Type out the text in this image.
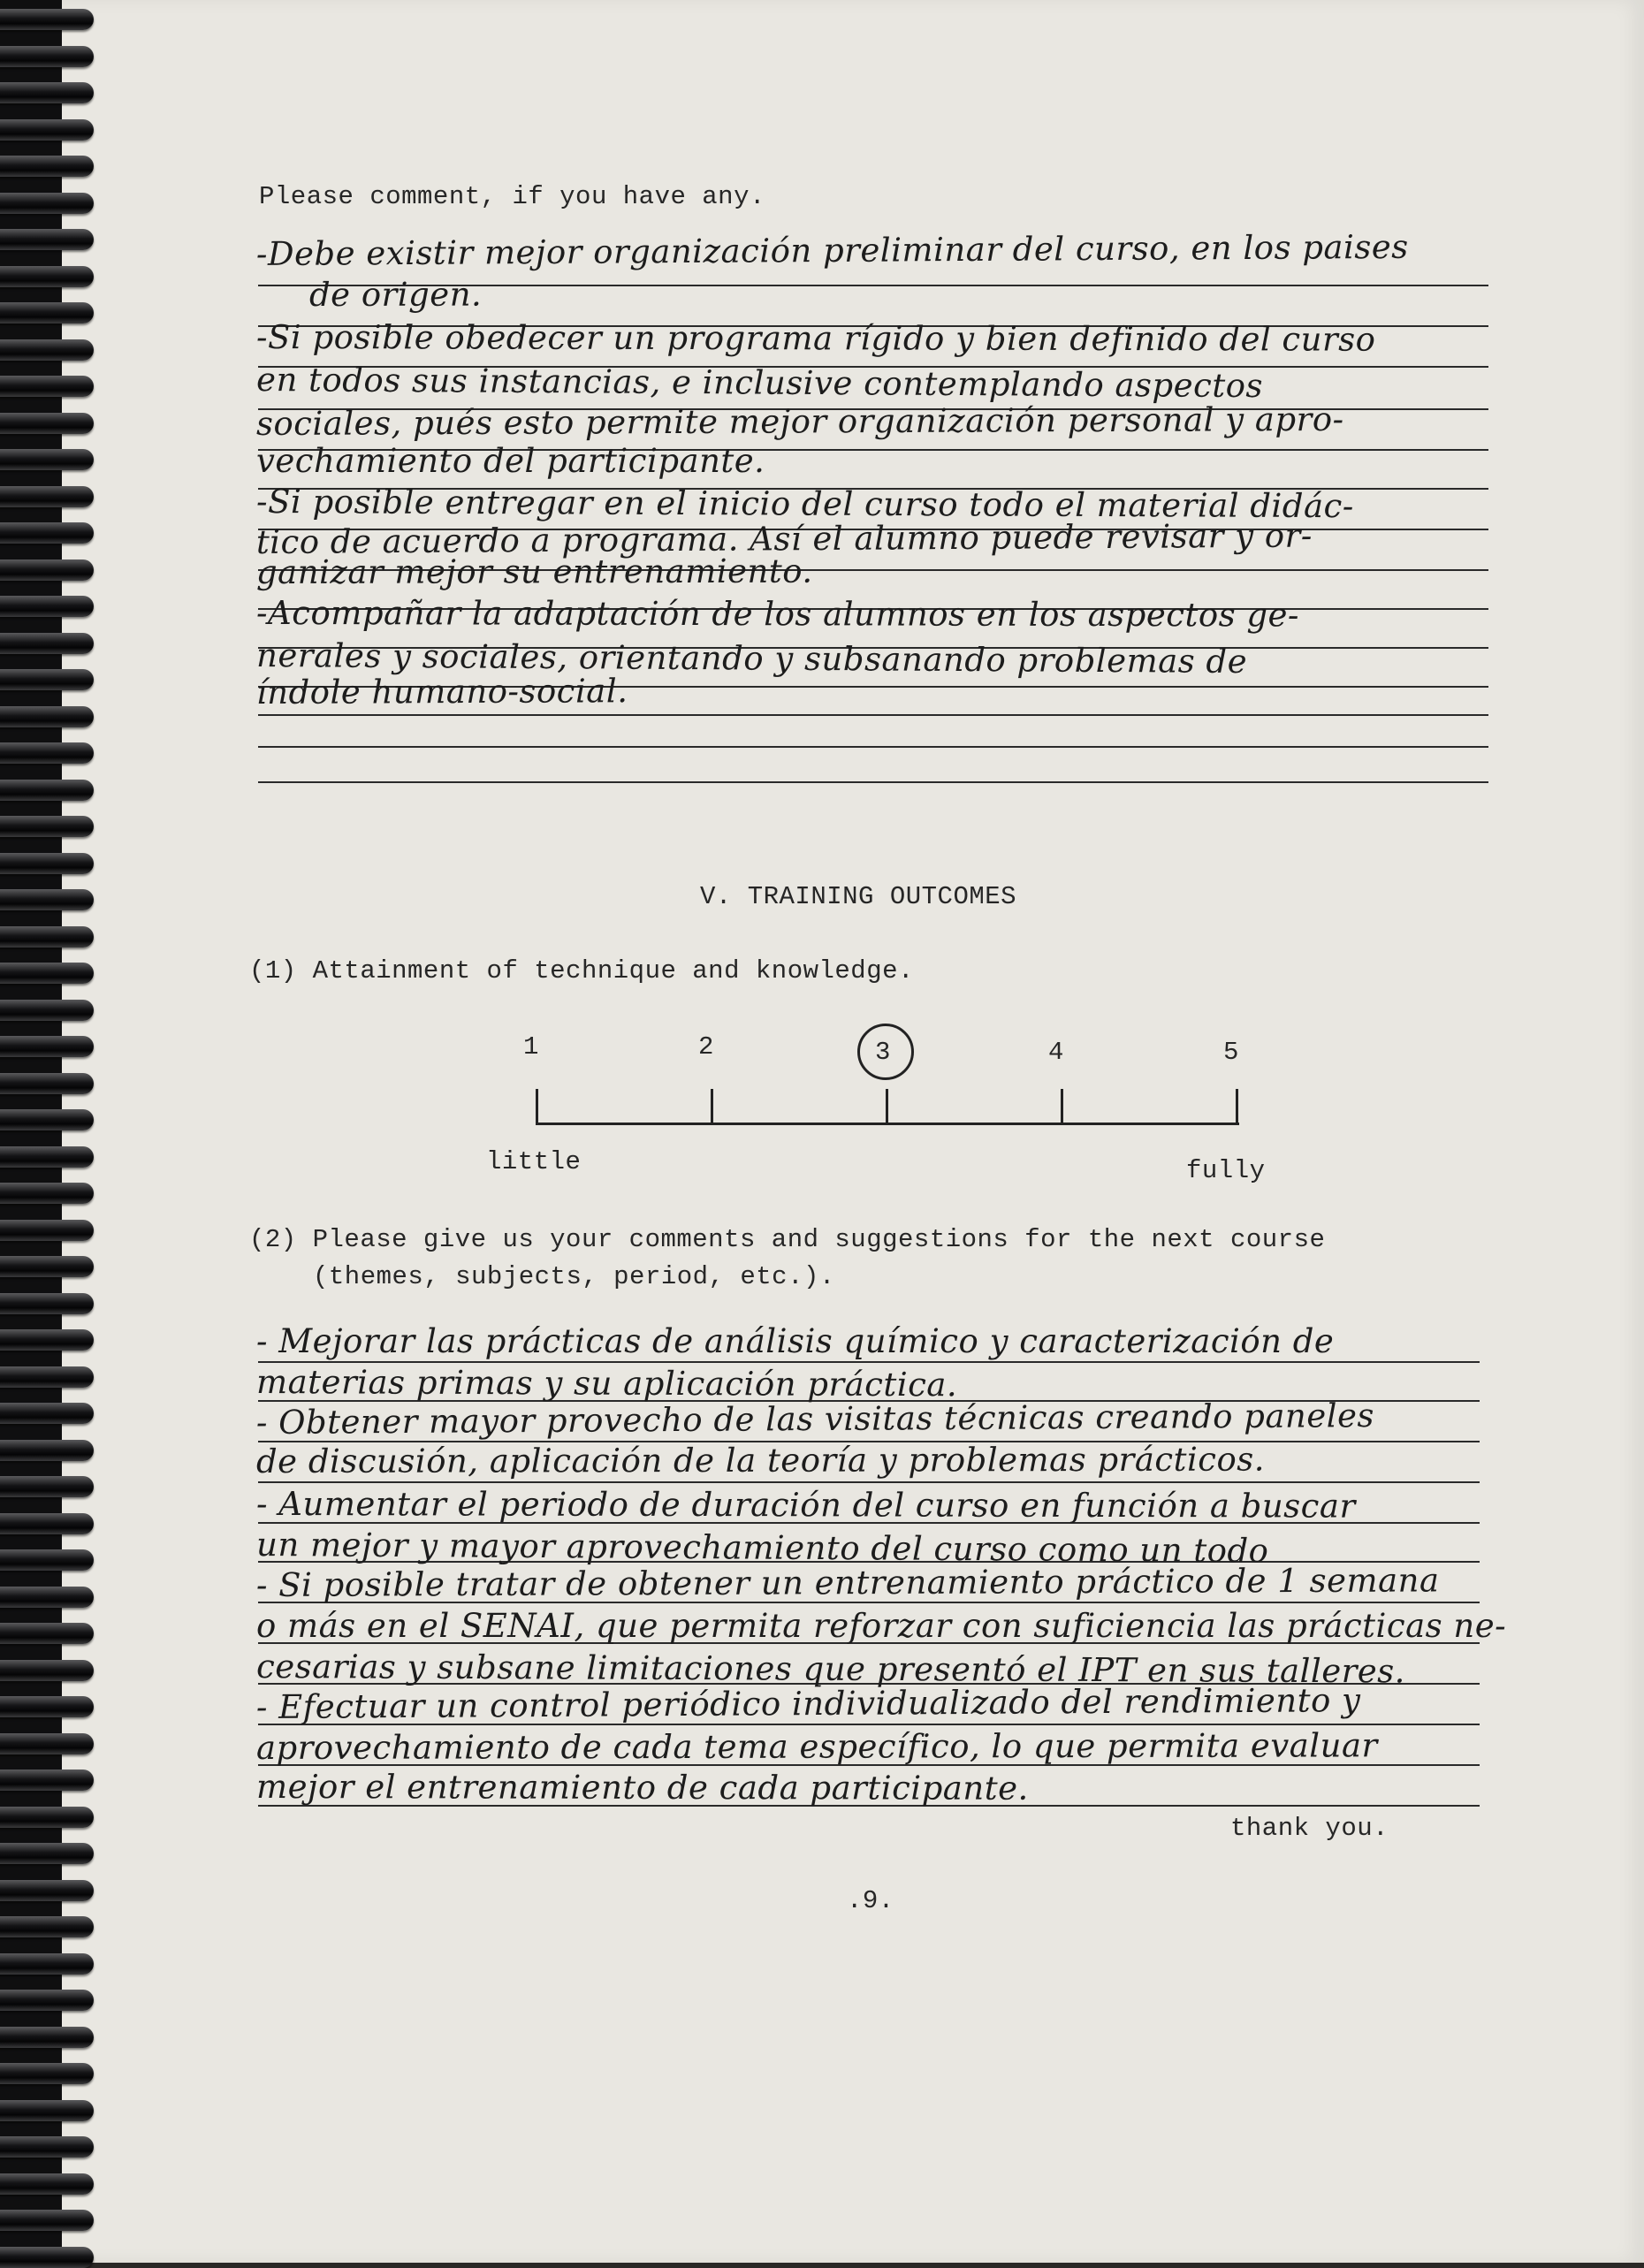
Please comment, if you have any.
-Debe existir mejor organización preliminar del curso, en los paises
de origen.
-Si posible obedecer un programa rígido y bien definido del curso
en todos sus instancias, e inclusive contemplando aspectos
sociales, pués esto permite mejor organización personal y apro-
vechamiento del participante.
-Si posible entregar en el inicio del curso todo el material didác-
tico de acuerdo a programa. Así el alumno puede revisar y or-
ganizar mejor su entrenamiento.
-Acompañar la adaptación de los alumnos en los aspectos ge-
nerales y sociales, orientando y subsanando problemas de
índole humano-social.
V. TRAINING OUTCOMES
(1) Attainment of technique and knowledge.
1	2	3	4	5
little	fully
(2) Please give us your comments and suggestions for the next course
(themes, subjects, period, etc.).
- Mejorar las prácticas de análisis químico y caracterización de
materias primas y su aplicación práctica.
- Obtener mayor provecho de las visitas técnicas creando paneles
de discusión, aplicación de la teoría y problemas prácticos.
- Aumentar el periodo de duración del curso en función a buscar
un mejor y mayor aprovechamiento del curso como un todo
- Si posible tratar de obtener un entrenamiento práctico de 1 semana
o más en el SENAI, que permita reforzar con suficiencia las prácticas ne-
cesarias y subsane limitaciones que presentó el IPT en sus talleres.
- Efectuar un control periódico individualizado del rendimiento y
aprovechamiento de cada tema específico, lo que permita evaluar
mejor el entrenamiento de cada participante.
thank you.
.9.
